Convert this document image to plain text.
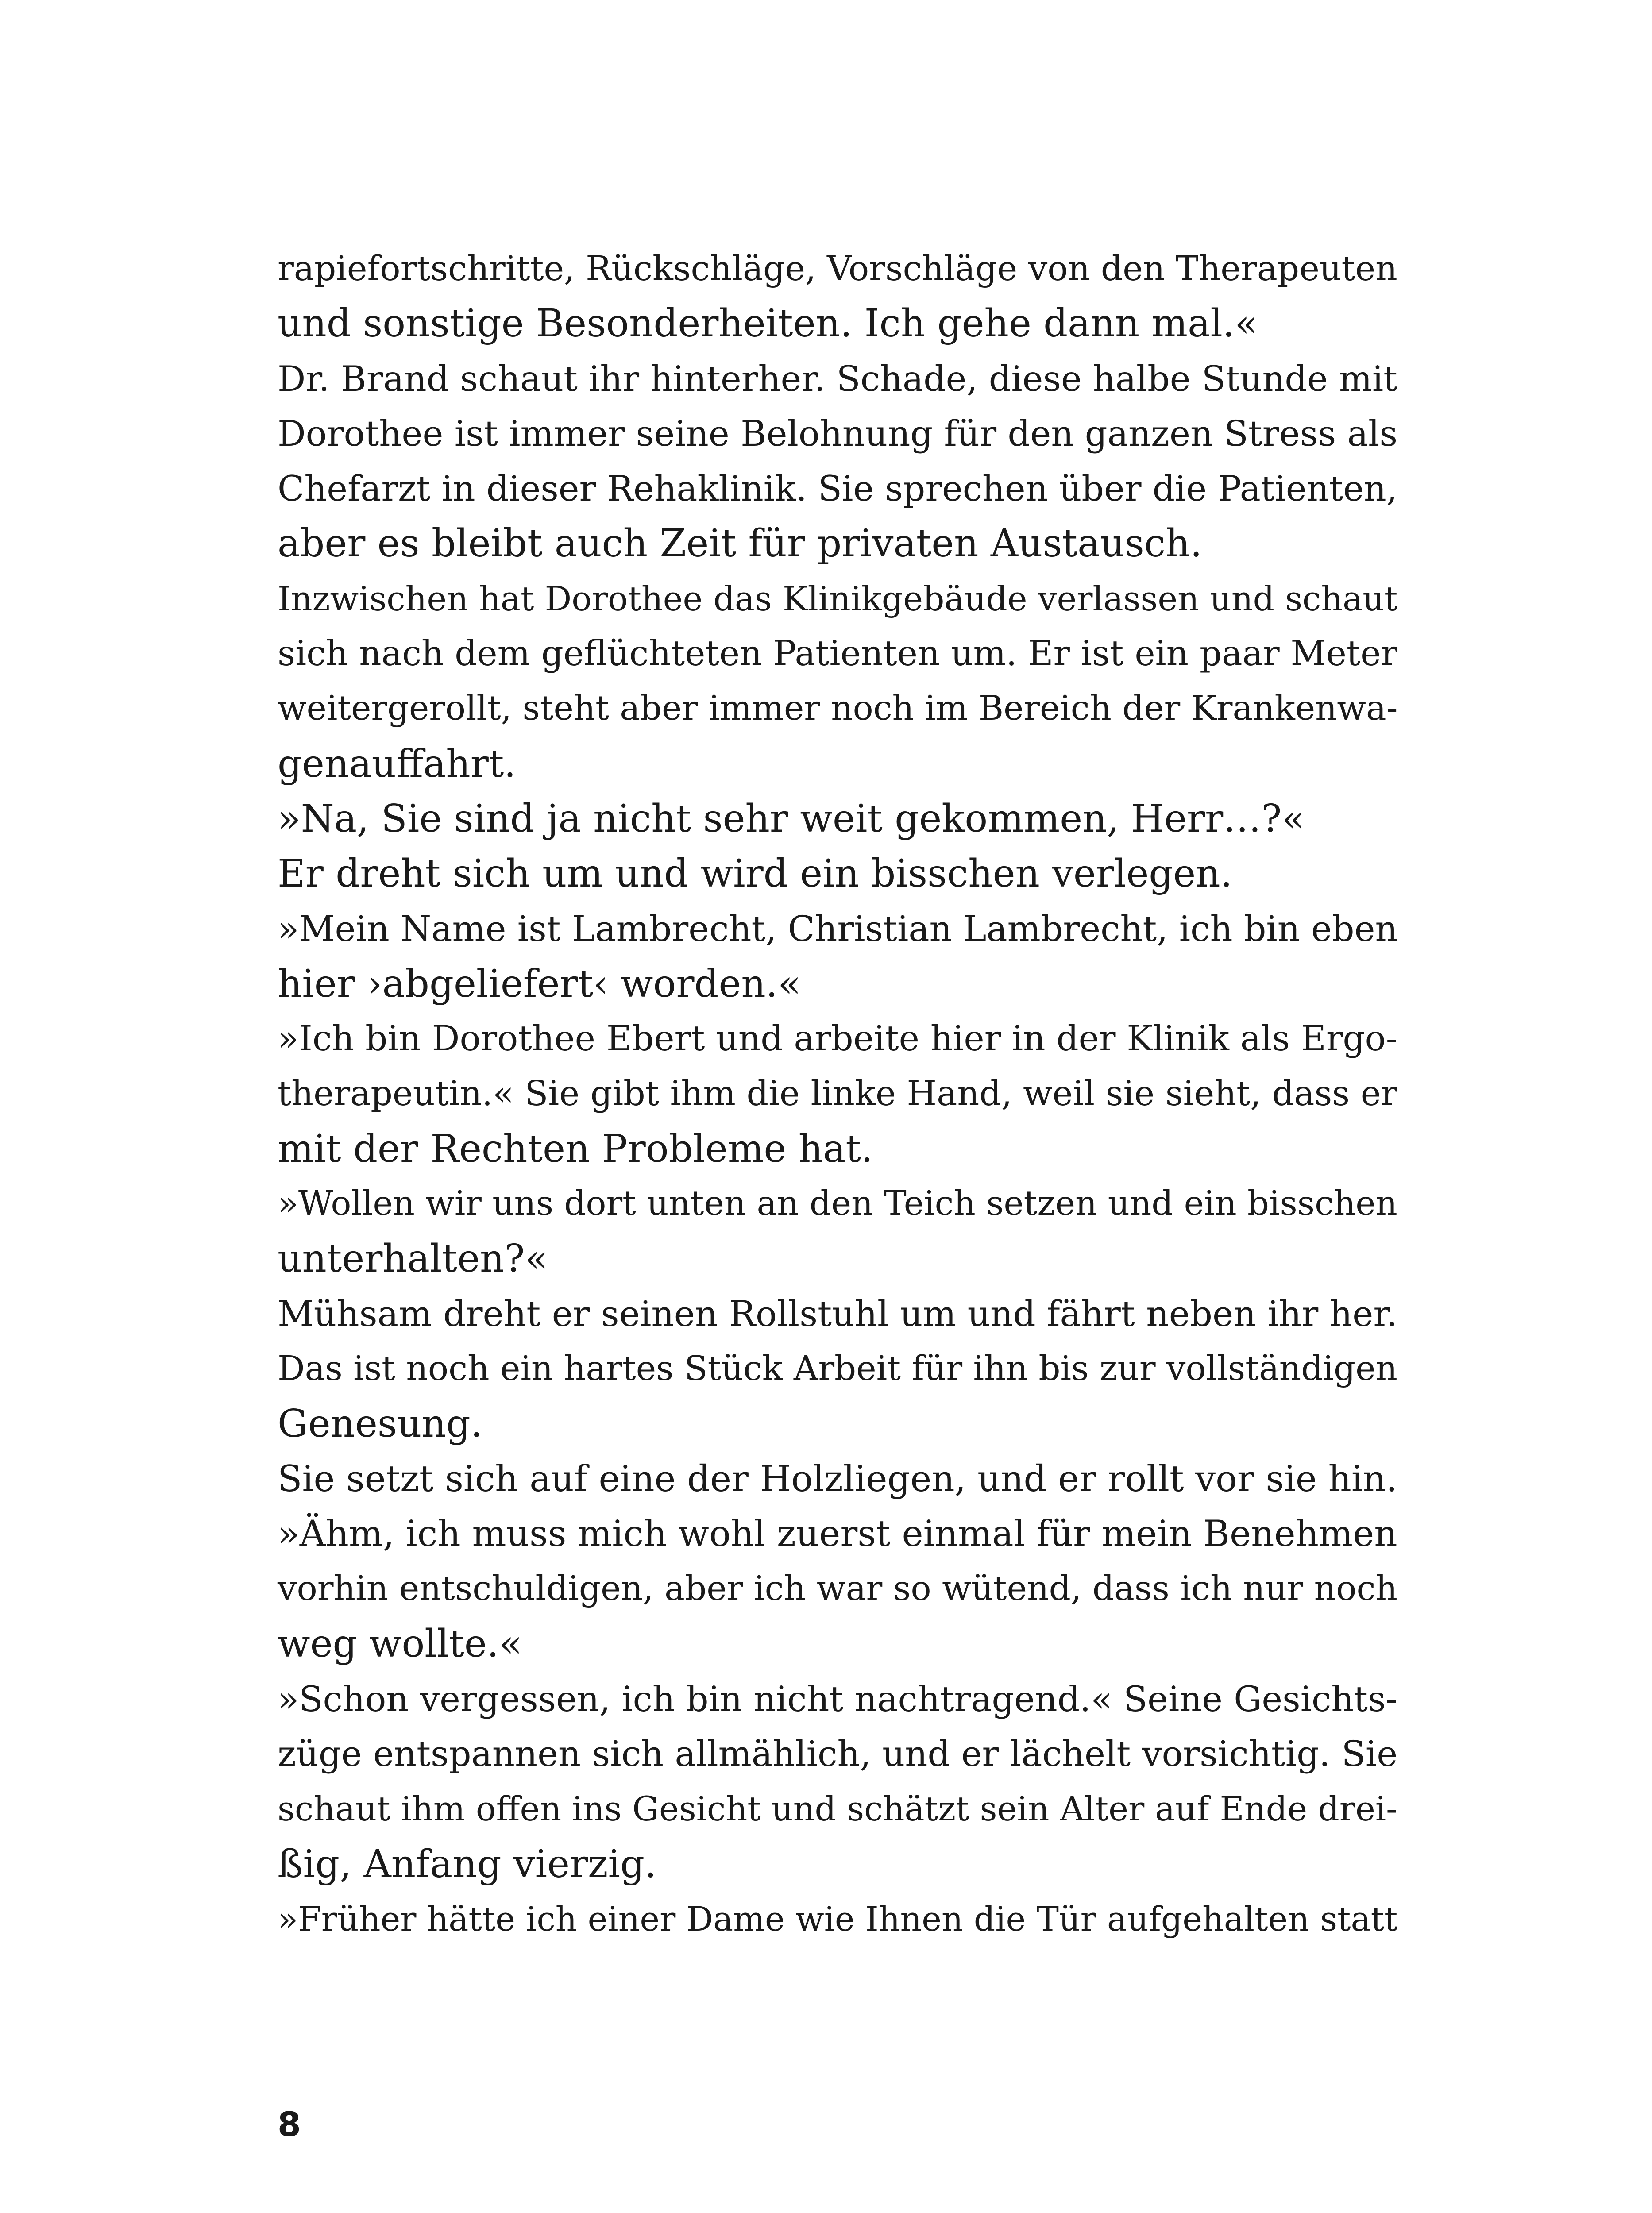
rapiefortschritte, Rückschläge, Vorschläge von den Therapeuten
und sonstige Besonderheiten. Ich gehe dann mal.«
Dr. Brand schaut ihr hinterher. Schade, diese halbe Stunde mit
Dorothee ist immer seine Belohnung für den ganzen Stress als
Chefarzt in dieser Rehaklinik. Sie sprechen über die Patienten,
aber es bleibt auch Zeit für privaten Austausch.
Inzwischen hat Dorothee das Klinikgebäude verlassen und schaut
sich nach dem geflüchteten Patienten um. Er ist ein paar Meter
weitergerollt, steht aber immer noch im Bereich der Krankenwa-
genauffahrt.
»Na, Sie sind ja nicht sehr weit gekommen, Herr…?«
Er dreht sich um und wird ein bisschen verlegen.
»Mein Name ist Lambrecht, Christian Lambrecht, ich bin eben
hier ›abgeliefert‹ worden.«
»Ich bin Dorothee Ebert und arbeite hier in der Klinik als Ergo-
therapeutin.« Sie gibt ihm die linke Hand, weil sie sieht, dass er
mit der Rechten Probleme hat.
»Wollen wir uns dort unten an den Teich setzen und ein bisschen
unterhalten?«
Mühsam dreht er seinen Rollstuhl um und fährt neben ihr her.
Das ist noch ein hartes Stück Arbeit für ihn bis zur vollständigen
Genesung.
Sie setzt sich auf eine der Holzliegen, und er rollt vor sie hin.
»Ähm, ich muss mich wohl zuerst einmal für mein Benehmen
vorhin entschuldigen, aber ich war so wütend, dass ich nur noch
weg wollte.«
»Schon vergessen, ich bin nicht nachtragend.« Seine Gesichts-
züge entspannen sich allmählich, und er lächelt vorsichtig. Sie
schaut ihm offen ins Gesicht und schätzt sein Alter auf Ende drei-
ßig, Anfang vierzig.
»Früher hätte ich einer Dame wie Ihnen die Tür aufgehalten statt
8
